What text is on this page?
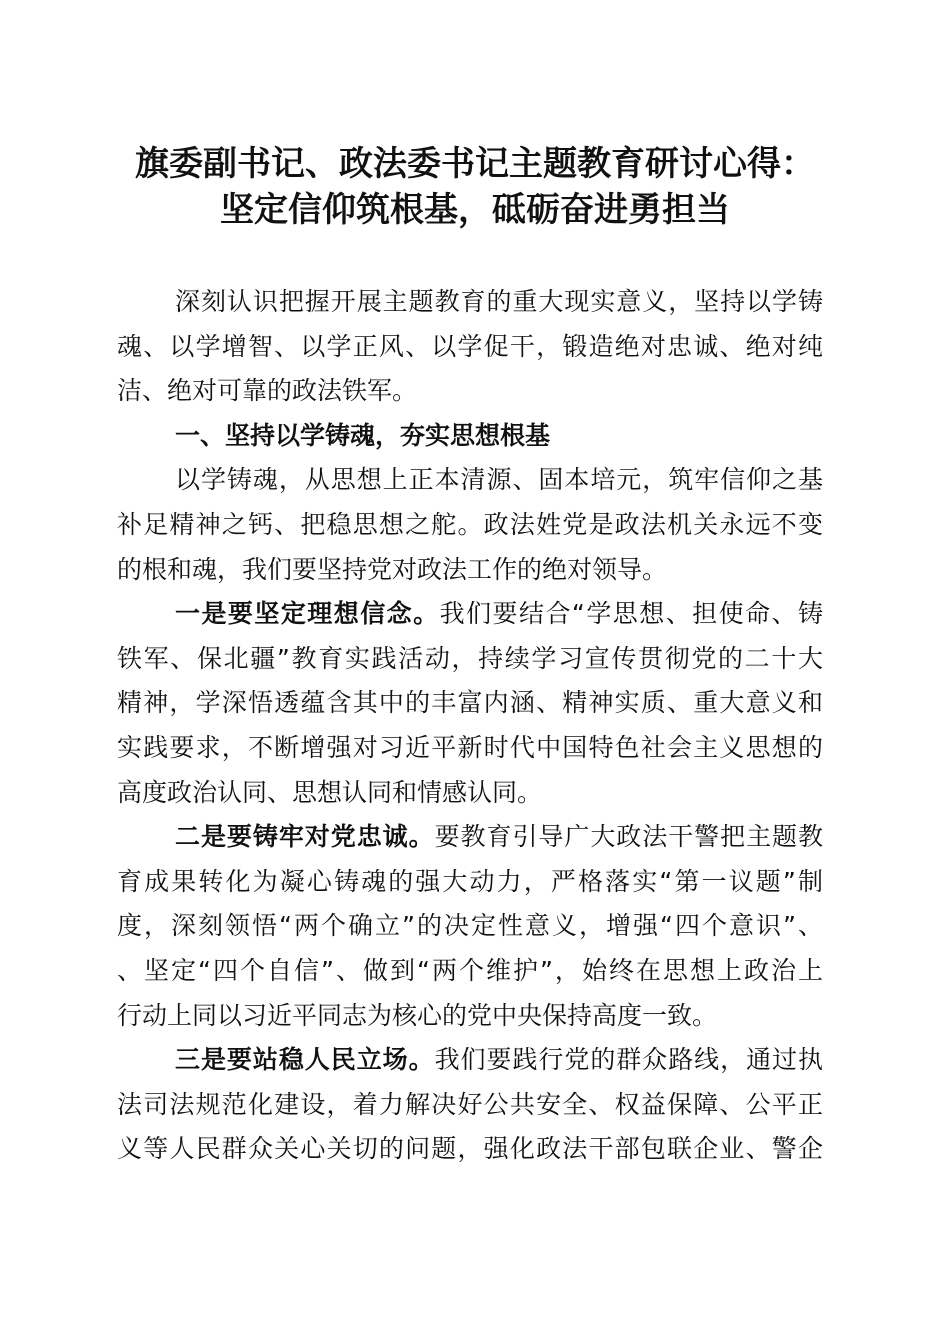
旗委副书记、政法委书记主题教育研讨心得：
坚定信仰筑根基，砥砺奋进勇担当
深刻认识把握开展主题教育的重大现实意义，坚持以学铸
魂、以学增智、以学正风、以学促干，锻造绝对忠诚、绝对纯
洁、绝对可靠的政法铁军。
一、坚持以学铸魂，夯实思想根基
以学铸魂，从思想上正本清源、固本培元，筑牢信仰之基
补足精神之钙、把稳思想之舵。政法姓党是政法机关永远不变
的根和魂，我们要坚持党对政法工作的绝对领导。
一是要坚定理想信念。我们要结合“学思想、担使命、铸
铁军、保北疆”教育实践活动，持续学习宣传贯彻党的二十大
精神，学深悟透蕴含其中的丰富内涵、精神实质、重大意义和
实践要求，不断增强对习近平新时代中国特色社会主义思想的
高度政治认同、思想认同和情感认同。
二是要铸牢对党忠诚。要教育引导广大政法干警把主题教
育成果转化为凝心铸魂的强大动力，严格落实“第一议题”制
度，深刻领悟“两个确立”的决定性意义，增强“四个意识”、
、坚定“四个自信”、做到“两个维护”，始终在思想上政治上
行动上同以习近平同志为核心的党中央保持高度一致。
三是要站稳人民立场。我们要践行党的群众路线，通过执
法司法规范化建设，着力解决好公共安全、权益保障、公平正
义等人民群众关心关切的问题，强化政法干部包联企业、警企
